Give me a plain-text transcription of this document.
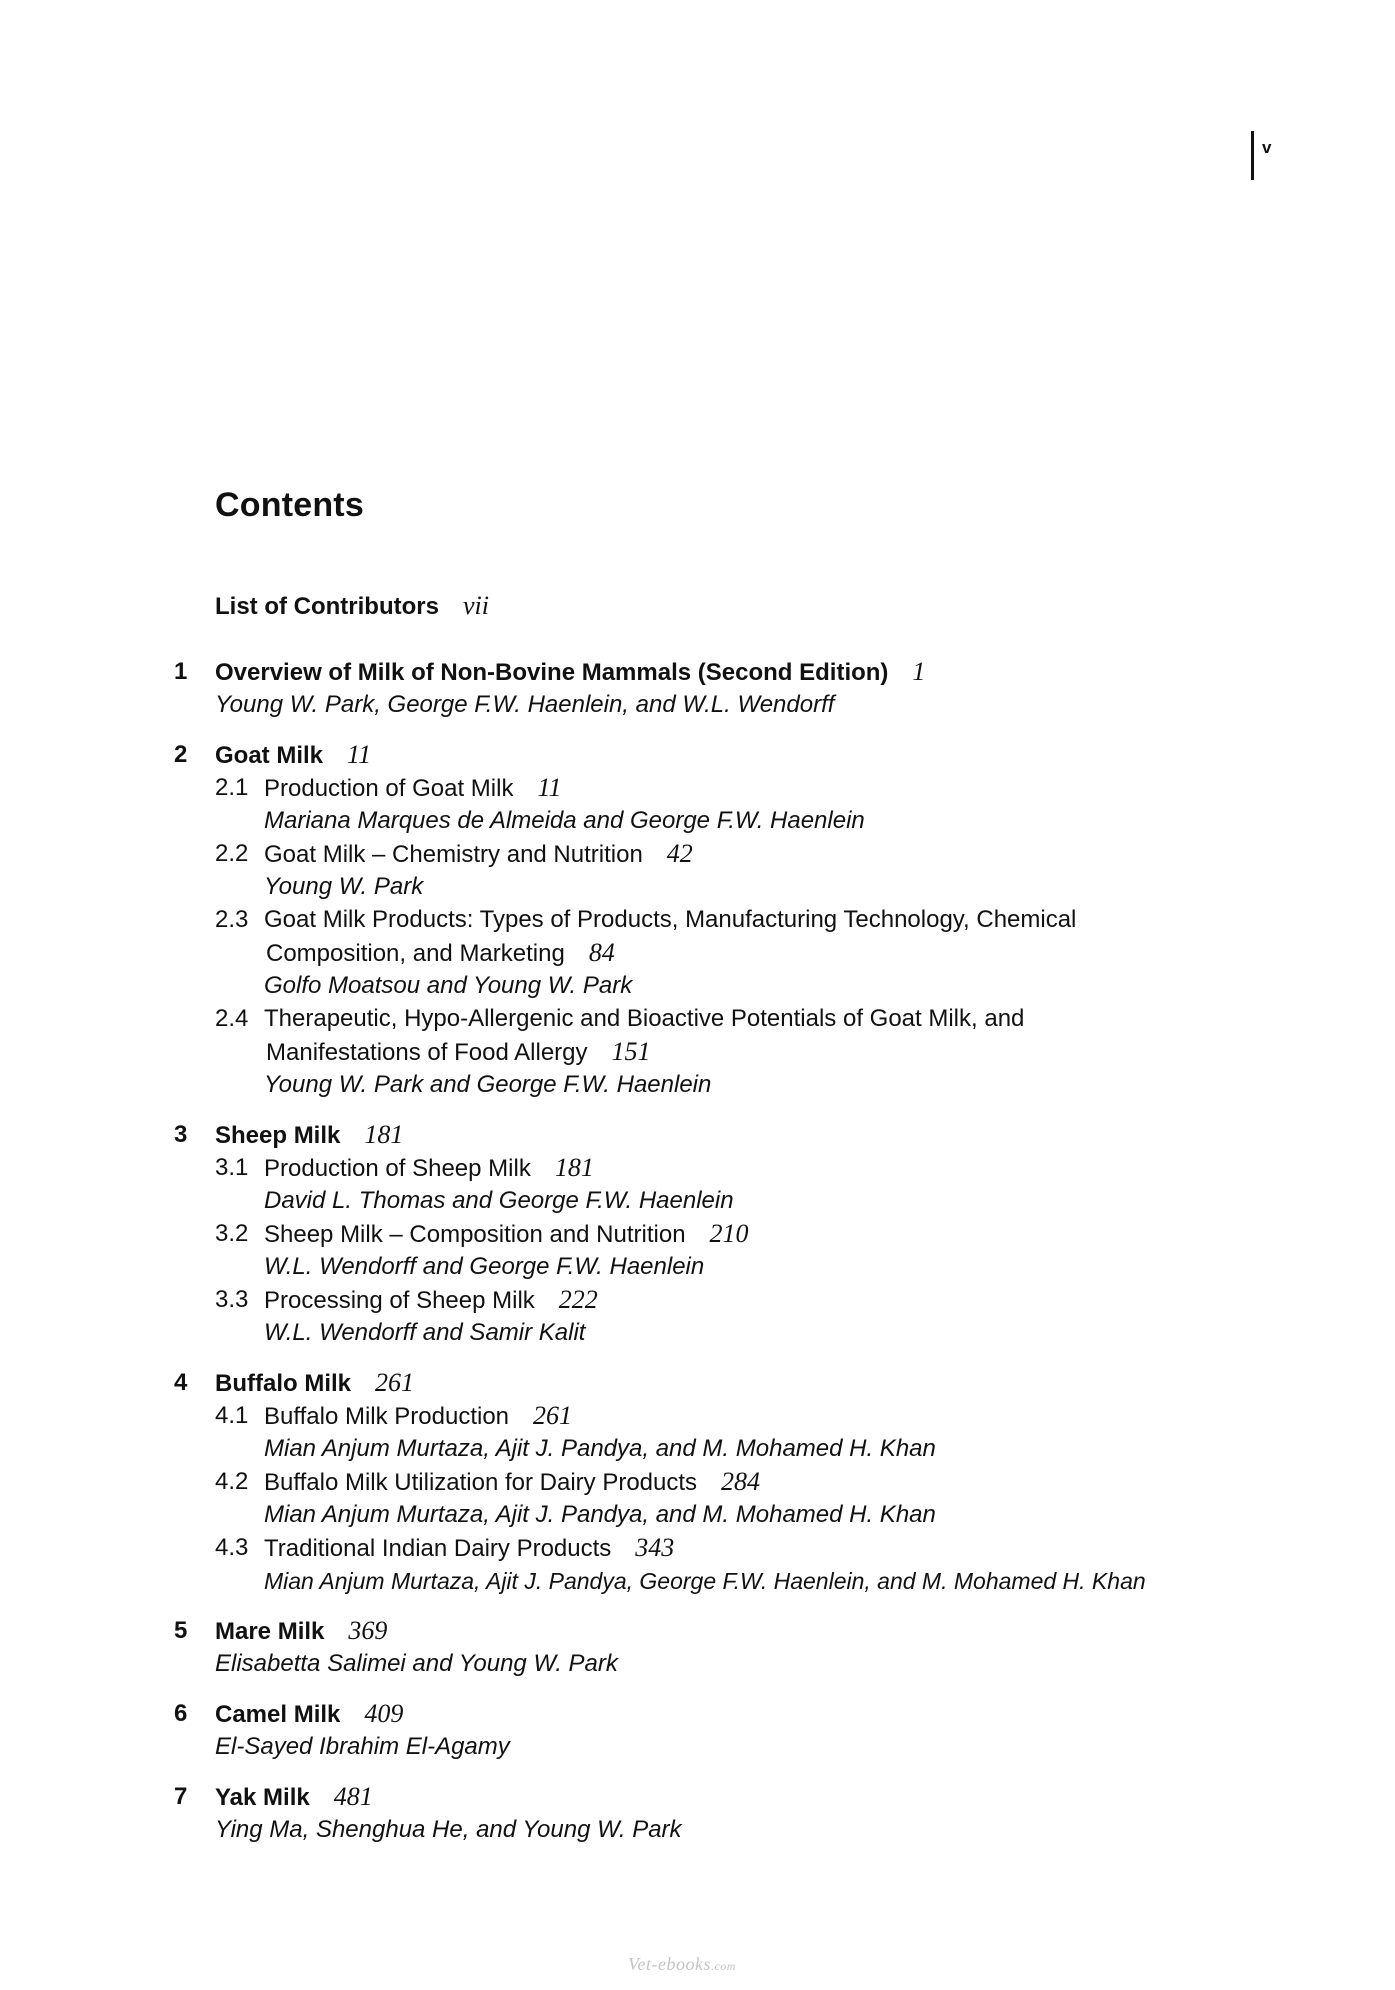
v
Contents
List of Contributors vii
1 Overview of Milk of Non-Bovine Mammals (Second Edition) 1
Young W. Park, George F.W. Haenlein, and W.L. Wendorff
2 Goat Milk 11
2.1 Production of Goat Milk 11
Mariana Marques de Almeida and George F.W. Haenlein
2.2 Goat Milk – Chemistry and Nutrition 42
Young W. Park
2.3 Goat Milk Products: Types of Products, Manufacturing Technology, Chemical
Composition, and Marketing 84
Golfo Moatsou and Young W. Park
2.4 Therapeutic, Hypo-Allergenic and Bioactive Potentials of Goat Milk, and
Manifestations of Food Allergy 151
Young W. Park and George F.W. Haenlein
3 Sheep Milk 181
3.1 Production of Sheep Milk 181
David L. Thomas and George F.W. Haenlein
3.2 Sheep Milk – Composition and Nutrition 210
W.L. Wendorff and George F.W. Haenlein
3.3 Processing of Sheep Milk 222
W.L. Wendorff and Samir Kalit
4 Buffalo Milk 261
4.1 Buffalo Milk Production 261
Mian Anjum Murtaza, Ajit J. Pandya, and M. Mohamed H. Khan
4.2 Buffalo Milk Utilization for Dairy Products 284
Mian Anjum Murtaza, Ajit J. Pandya, and M. Mohamed H. Khan
4.3 Traditional Indian Dairy Products 343
Mian Anjum Murtaza, Ajit J. Pandya, George F.W. Haenlein, and M. Mohamed H. Khan
5 Mare Milk 369
Elisabetta Salimei and Young W. Park
6 Camel Milk 409
El-Sayed Ibrahim El-Agamy
7 Yak Milk 481
Ying Ma, Shenghua He, and Young W. Park
Vet-ebooks.com
